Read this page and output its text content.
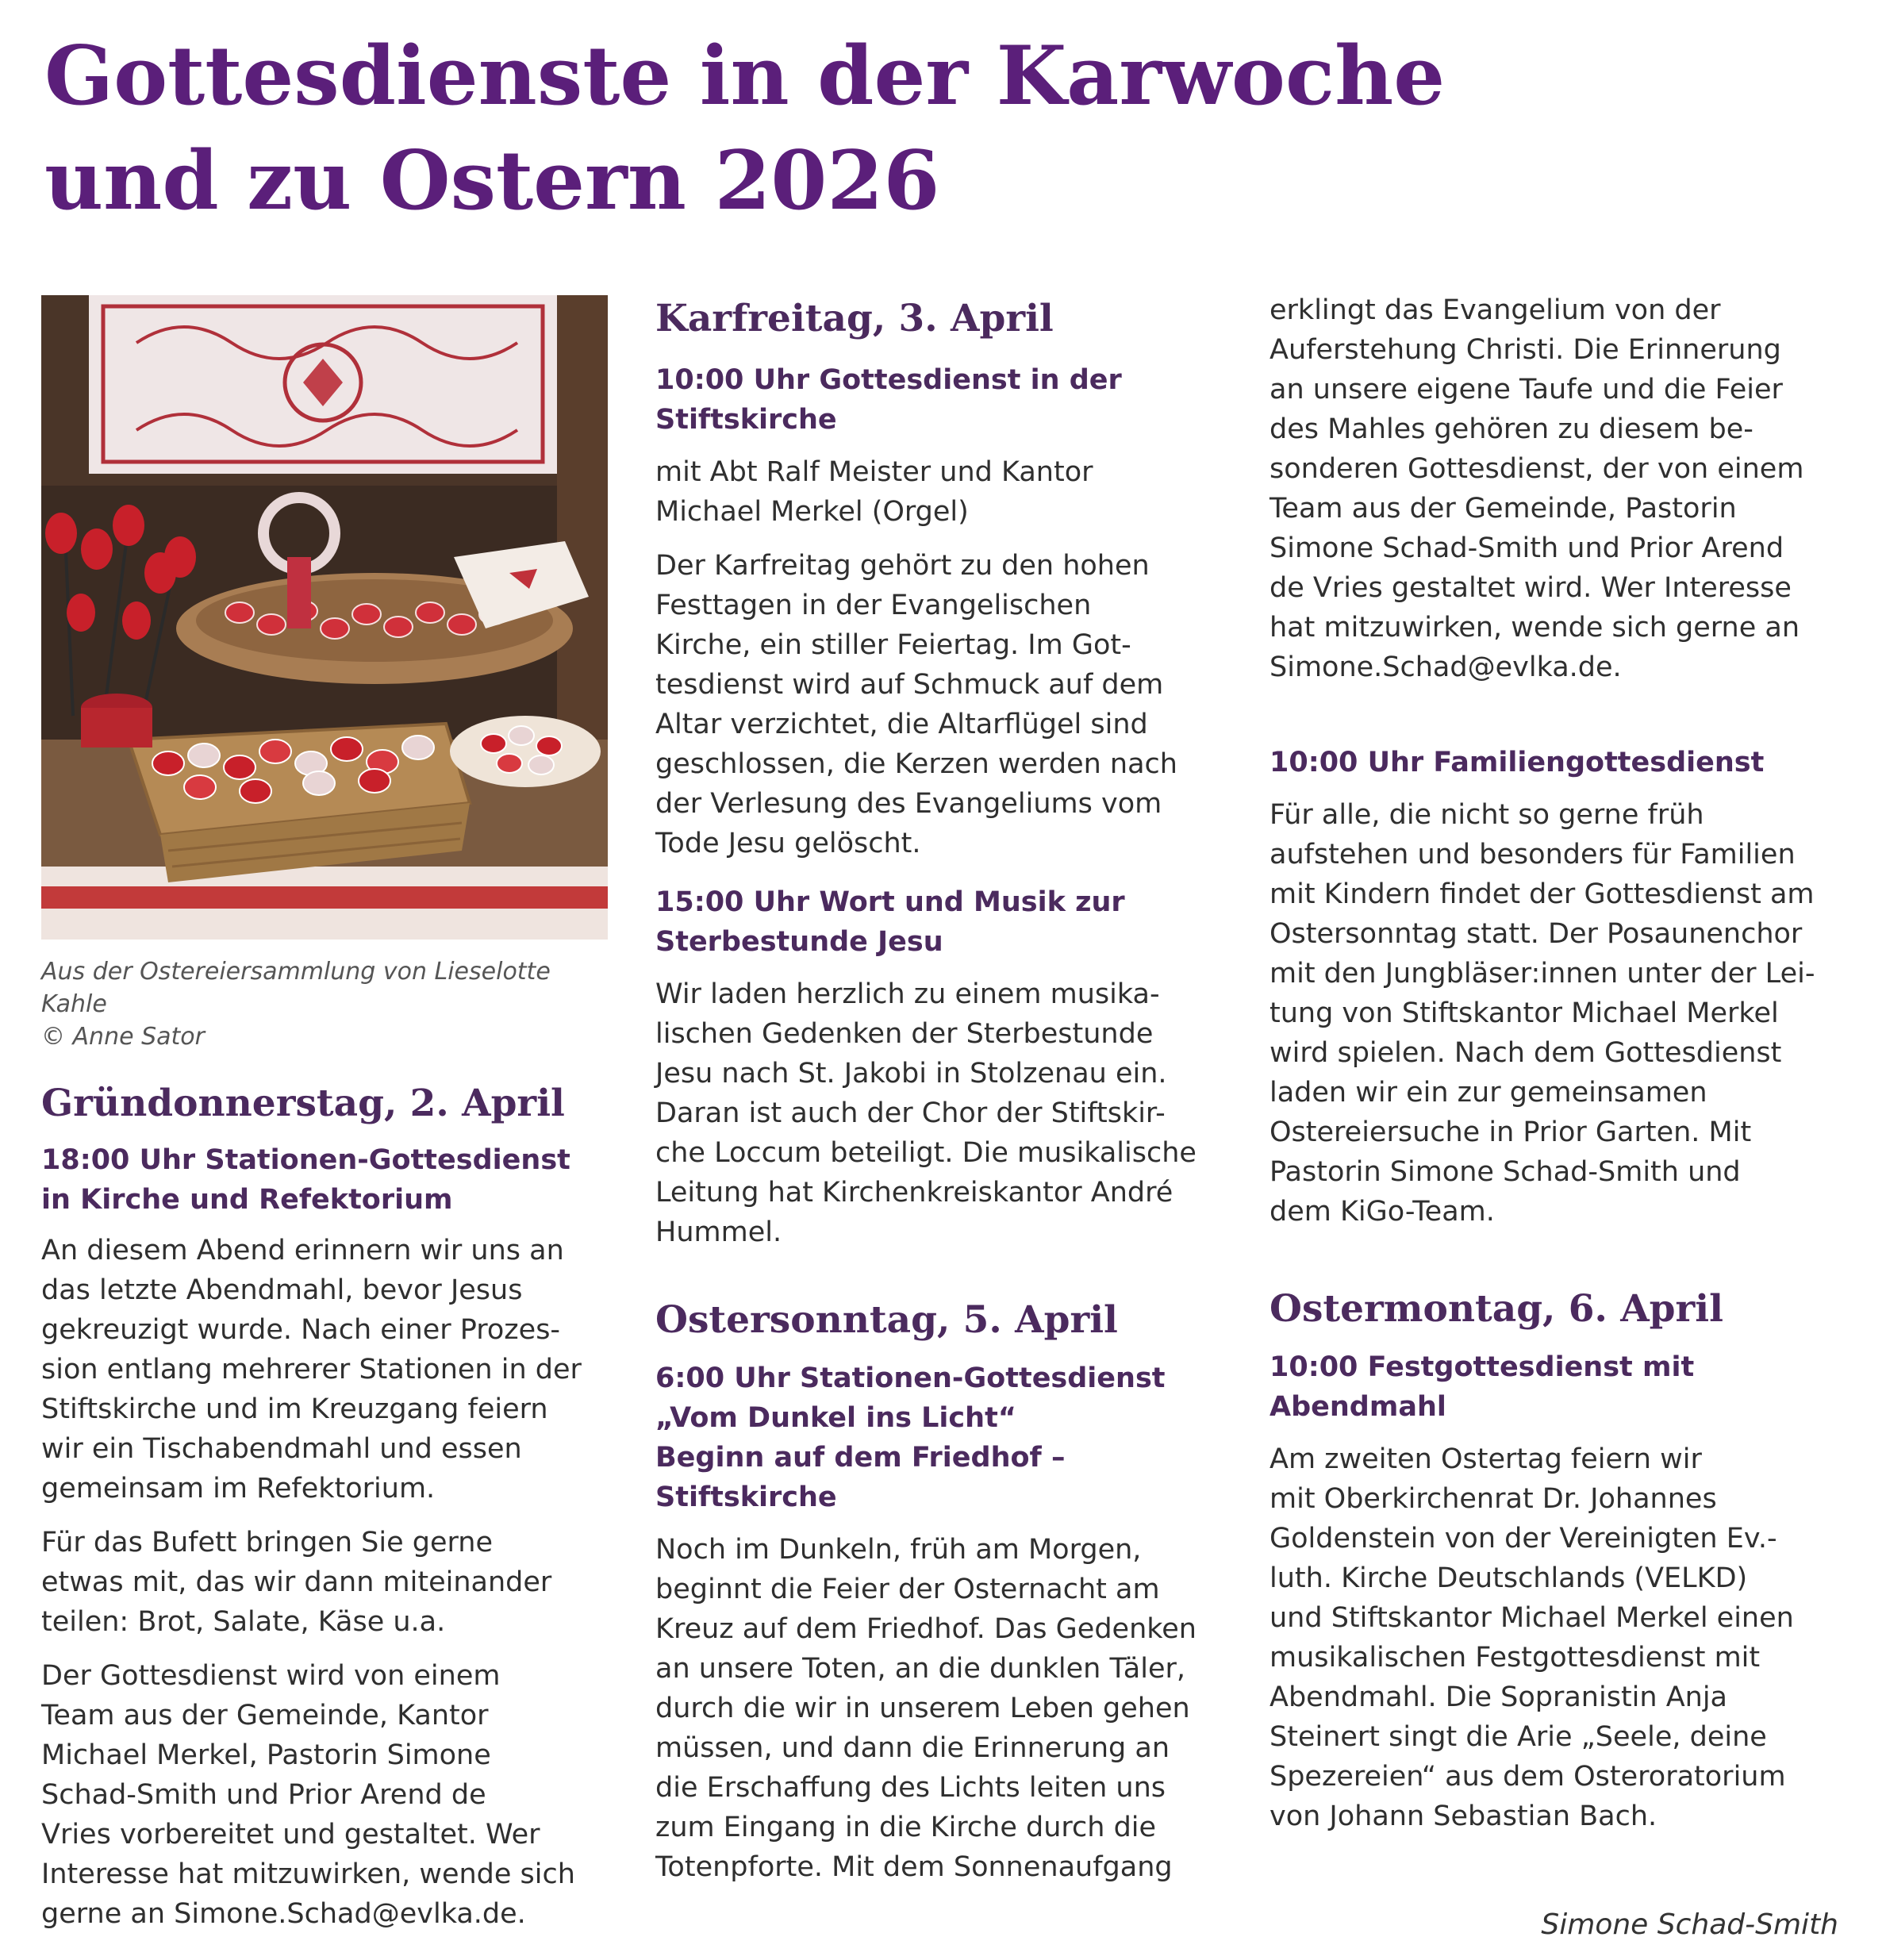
Gottesdienste in der Karwoche
und zu Ostern 2026

Aus der Ostereiersammlung von Lieselotte Kahle
© Anne Sator

Gründonnerstag, 2. April
18:00 Uhr Stationen-Gottesdienst
in Kirche und Refektorium

An diesem Abend erinnern wir uns an
das letzte Abendmahl, bevor Jesus
gekreuzigt wurde. Nach einer Prozes-
sion entlang mehrerer Stationen in der
Stiftskirche und im Kreuzgang feiern
wir ein Tischabendmahl und essen
gemeinsam im Refektorium.

Für das Bufett bringen Sie gerne
etwas mit, das wir dann miteinander
teilen: Brot, Salate, Käse u.a.

Der Gottesdienst wird von einem
Team aus der Gemeinde, Kantor
Michael Merkel, Pastorin Simone
Schad-Smith und Prior Arend de
Vries vorbereitet und gestaltet. Wer
Interesse hat mitzuwirken, wende sich
gerne an Simone.Schad@evlka.de.

Karfreitag, 3. April
10:00 Uhr Gottesdienst in der
Stiftskirche

mit Abt Ralf Meister und Kantor
Michael Merkel (Orgel)

Der Karfreitag gehört zu den hohen
Festtagen in der Evangelischen
Kirche, ein stiller Feiertag. Im Got-
tesdienst wird auf Schmuck auf dem
Altar verzichtet, die Altarflügel sind
geschlossen, die Kerzen werden nach
der Verlesung des Evangeliums vom
Tode Jesu gelöscht.

15:00 Uhr Wort und Musik zur
Sterbestunde Jesu

Wir laden herzlich zu einem musika-
lischen Gedenken der Sterbestunde
Jesu nach St. Jakobi in Stolzenau ein.
Daran ist auch der Chor der Stiftskir-
che Loccum beteiligt. Die musikalische
Leitung hat Kirchenkreiskantor André
Hummel.

Ostersonntag, 5. April
6:00 Uhr Stationen-Gottesdienst
„Vom Dunkel ins Licht“
Beginn auf dem Friedhof –
Stiftskirche

Noch im Dunkeln, früh am Morgen,
beginnt die Feier der Osternacht am
Kreuz auf dem Friedhof. Das Gedenken
an unsere Toten, an die dunklen Täler,
durch die wir in unserem Leben gehen
müssen, und dann die Erinnerung an
die Erschaffung des Lichts leiten uns
zum Eingang in die Kirche durch die
Totenpforte. Mit dem Sonnenaufgang

erklingt das Evangelium von der
Auferstehung Christi. Die Erinnerung
an unsere eigene Taufe und die Feier
des Mahles gehören zu diesem be-
sonderen Gottesdienst, der von einem
Team aus der Gemeinde, Pastorin
Simone Schad-Smith und Prior Arend
de Vries gestaltet wird. Wer Interesse
hat mitzuwirken, wende sich gerne an
Simone.Schad@evlka.de.

10:00 Uhr Familiengottesdienst

Für alle, die nicht so gerne früh
aufstehen und besonders für Familien
mit Kindern findet der Gottesdienst am
Ostersonntag statt. Der Posaunenchor
mit den Jungbläser:innen unter der Lei-
tung von Stiftskantor Michael Merkel
wird spielen. Nach dem Gottesdienst
laden wir ein zur gemeinsamen
Ostereiersuche in Prior Garten. Mit
Pastorin Simone Schad-Smith und
dem KiGo-Team.

Ostermontag, 6. April
10:00 Festgottesdienst mit
Abendmahl

Am zweiten Ostertag feiern wir
mit Oberkirchenrat Dr. Johannes
Goldenstein von der Vereinigten Ev.-
luth. Kirche Deutschlands (VELKD)
und Stiftskantor Michael Merkel einen
musikalischen Festgottesdienst mit
Abendmahl. Die Sopranistin Anja
Steinert singt die Arie „Seele, deine
Spezereien“ aus dem Osteroratorium
von Johann Sebastian Bach.

Simone Schad-Smith
